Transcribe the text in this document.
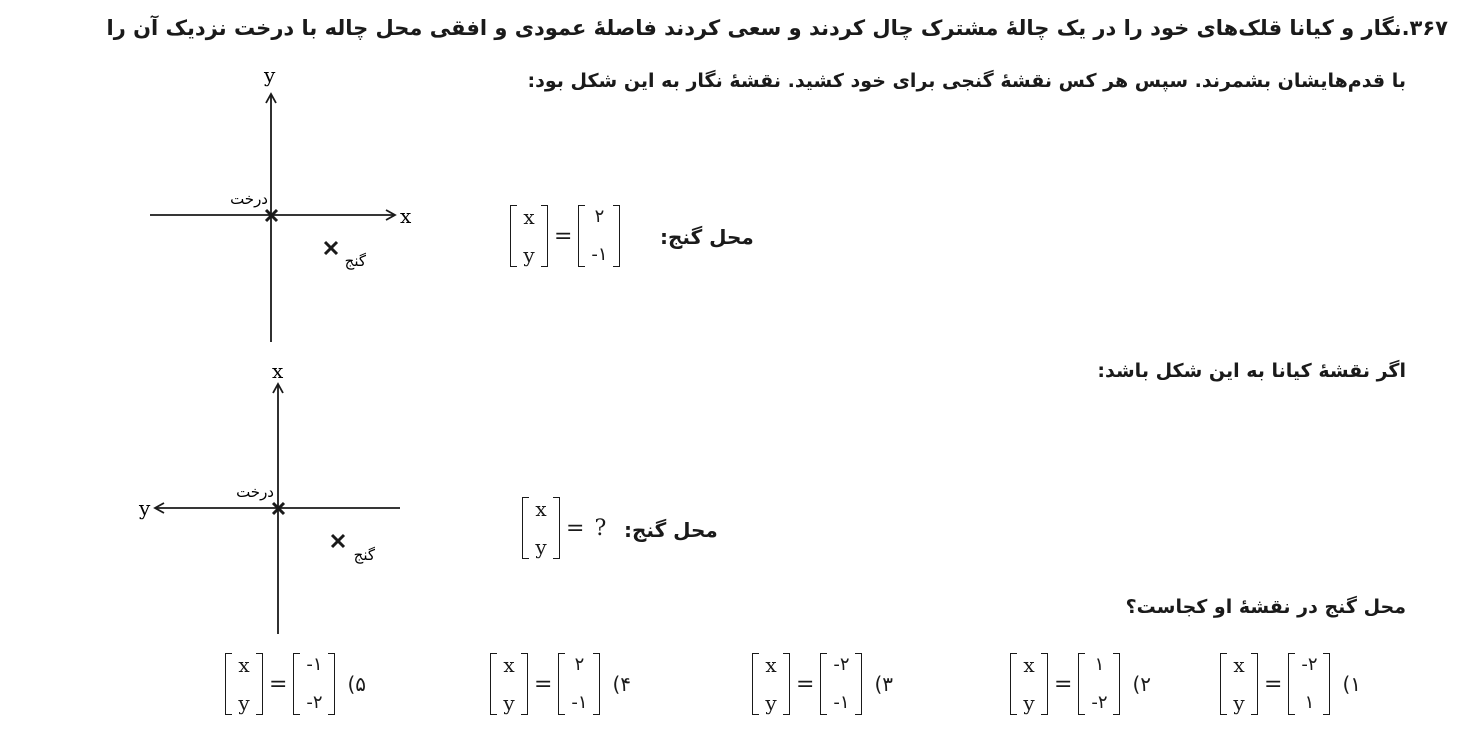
۳۶۷.نگار و کیانا قلک‌های خود را در یک چالهٔ مشترک چال کردند و سعی کردند فاصلهٔ عمودی و افقی محل چاله با درخت نزدیک آن را
با قدم‌هایشان بشمرند. سپس هر کس نقشهٔ گنجی برای خود کشید. نقشهٔ نگار به این شکل بود:
y
x
درخت
گنج
x
y
=
۲
-۱
محل گنج:
اگر نقشهٔ کیانا به این شکل باشد:
x
y
درخت
گنج
x
y
= ? محل گنج:
محل گنج در نقشهٔ او کجاست؟
x
y
=
-۲
۱
(۱
x
y
=
۱
-۲
(۲
x
y
=
-۲
-۱
(۳
x
y
=
۲
-۱
(۴
x
y
=
-۱
-۲
(۵
